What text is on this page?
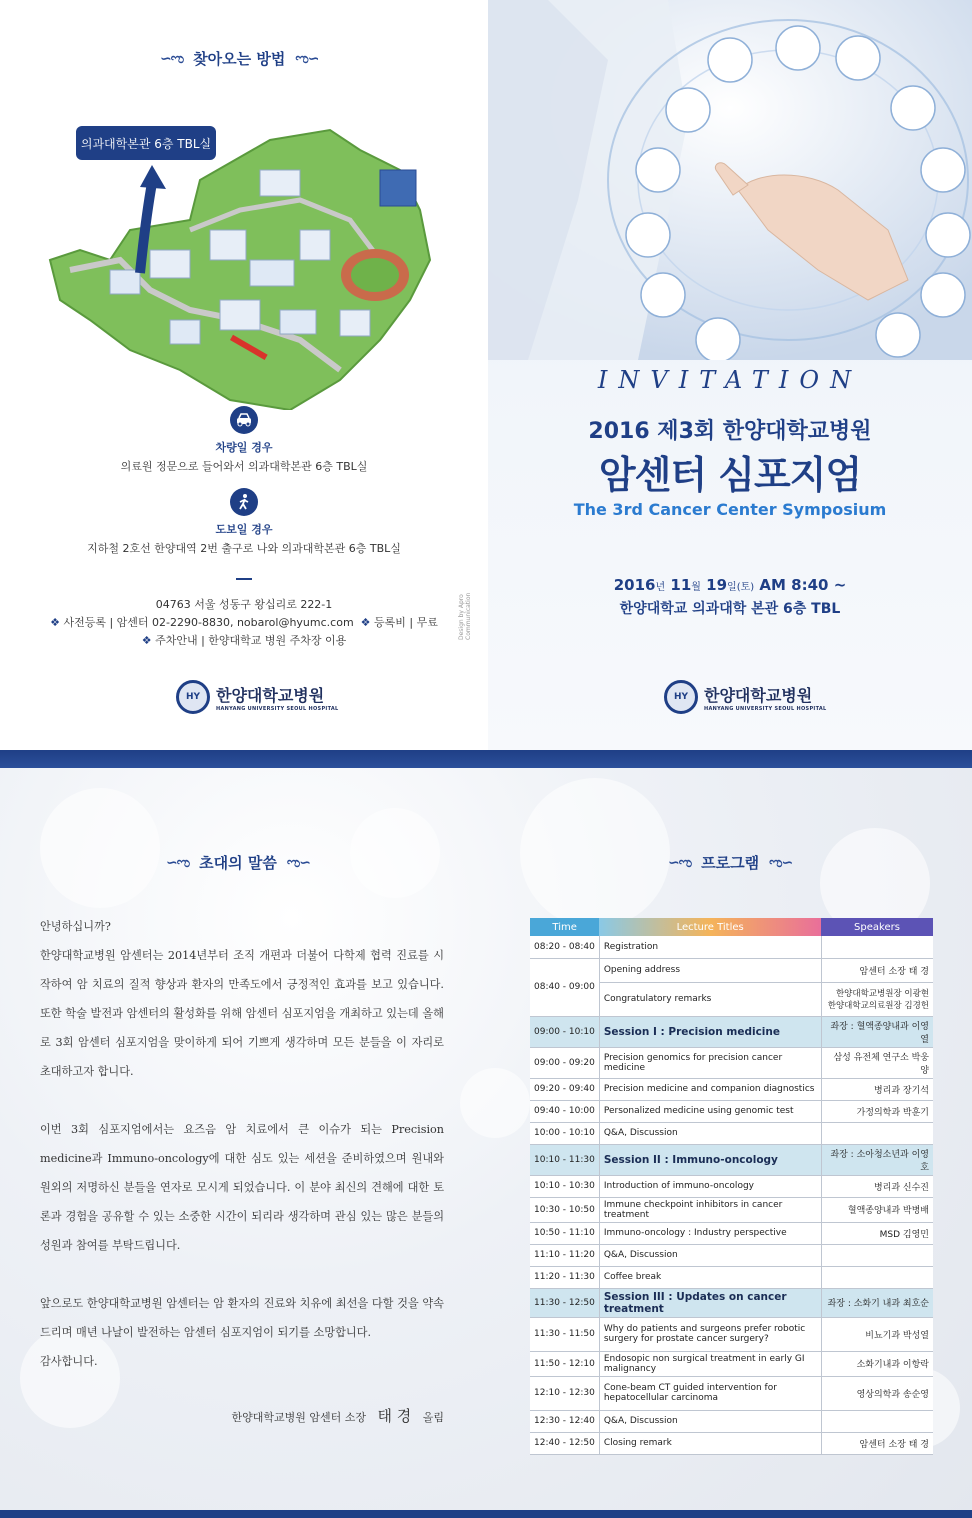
∽ಌ 찾아오는 방법 ಌ∽
의과대학본관 6층 TBL실
차량일 경우
의료원 정문으로 들어와서 의과대학본관 6층 TBL실
도보일 경우
지하철 2호선 한양대역 2번 출구로 나와 의과대학본관 6층 TBL실
04763 서울 성동구 왕십리로 222-1
❖ 사전등록 | 암센터 02-2290-8830, nobarol@hyumc.com ❖ 등록비 | 무료
❖ 주차안내 | 한양대학교 병원 주차장 이용
HY 한양대학교병원
HANYANG UNIVERSITY SEOUL HOSPITAL
Design by Apro Communication
INVITATION
2016 제3회 한양대학교병원
암센터 심포지엄
The 3rd Cancer Center Symposium
2016년 11월 19일(토) AM 8:40 ~
한양대학교 의과대학 본관 6층 TBL
HY 한양대학교병원
HANYANG UNIVERSITY SEOUL HOSPITAL
∽ಌ 초대의 말씀 ಌ∽

안녕하십니까?

한양대학교병원 암센터는 2014년부터 조직 개편과 더불어 다학제 협력 진료를 시작하여 암 치료의 질적 향상과 환자의 만족도에서 긍정적인 효과를 보고 있습니다. 또한 학술 발전과 암센터의 활성화를 위해 암센터 심포지엄을 개최하고 있는데 올해로 3회 암센터 심포지엄을 맞이하게 되어 기쁘게 생각하며 모든 분들을 이 자리로 초대하고자 합니다.

이번 3회 심포지엄에서는 요즈음 암 치료에서 큰 이슈가 되는 Precision medicine과 Immuno-oncology에 대한 심도 있는 세션을 준비하였으며 원내와 원외의 저명하신 분들을 연자로 모시게 되었습니다. 이 분야 최신의 견해에 대한 토론과 경험을 공유할 수 있는 소중한 시간이 되리라 생각하며 관심 있는 많은 분들의 성원과 참여를 부탁드립니다.

앞으로도 한양대학교병원 암센터는 암 환자의 진료와 치유에 최선을 다할 것을 약속드리며 매년 나날이 발전하는 암센터 심포지엄이 되기를 소망합니다.

감사합니다.

한양대학교병원 암센터 소장 태 경 올림
∽ಌ 프로그램 ಌ∽
Time	Lecture Titles	Speakers
08:20 - 08:40	Registration	
08:40 - 09:00	Opening address	암센터 소장 태 경
	Congratulatory remarks	한양대학교병원장 이광현
한양대학교의료원장 김경헌
09:00 - 10:10	Session I : Precision medicine	좌장 : 혈액종양내과 이영열
09:00 - 09:20	Precision genomics for precision cancer medicine	삼성 유전체 연구소 박웅양
09:20 - 09:40	Precision medicine and companion diagnostics	병리과 장기석
09:40 - 10:00	Personalized medicine using genomic test	가정의학과 박훈기
10:00 - 10:10	Q&A, Discussion	
10:10 - 11:30	Session II : Immuno-oncology	좌장 : 소아청소년과 이영호
10:10 - 10:30	Introduction of immuno-oncology	병리과 신수진
10:30 - 10:50	Immune checkpoint inhibitors in cancer treatment	혈액종양내과 박병배
10:50 - 11:10	Immuno-oncology : Industry perspective	MSD 김영민
11:10 - 11:20	Q&A, Discussion	
11:20 - 11:30	Coffee break	
11:30 - 12:50	Session III : Updates on cancer treatment	좌장 : 소화기 내과 최호순
11:30 - 11:50	Why do patients and surgeons prefer robotic surgery for prostate cancer surgery?	비뇨기과 박성열
11:50 - 12:10	Endosopic non surgical treatment in early GI malignancy	소화기내과 이항락
12:10 - 12:30	Cone-beam CT guided intervention for hepatocellular carcinoma	영상의학과 송순영
12:30 - 12:40	Q&A, Discussion	
12:40 - 12:50	Closing remark	암센터 소장 태 경
